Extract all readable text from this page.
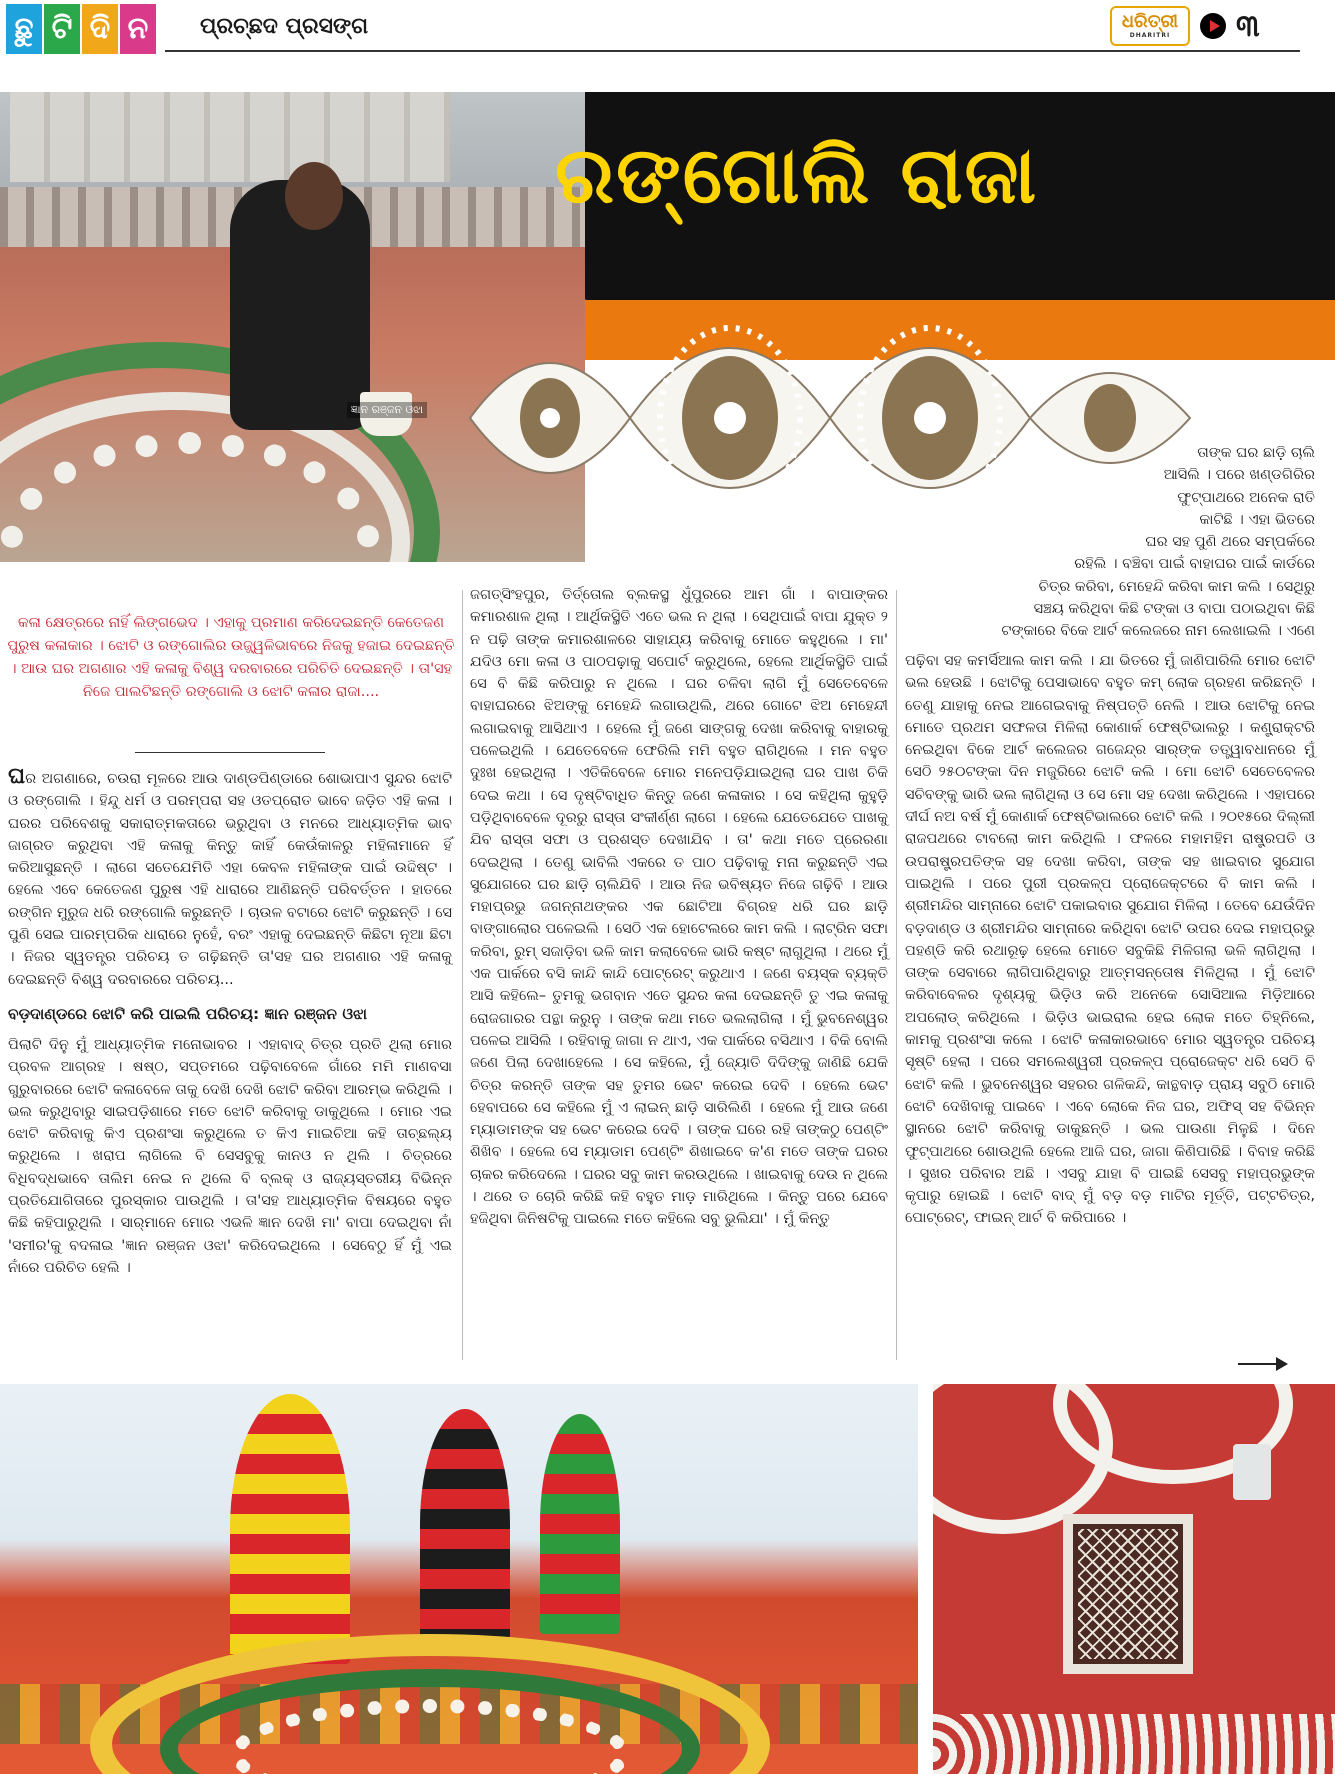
ଛୁ ଟି ଦି ନ	ପ୍ରଚ୍ଛଦ ପ୍ରସଙ୍ଗ	ଧରିତ୍ରୀ
DHARITRI ୩
ଜ୍ଞାନ ରଞ୍ଜନ ଓଝା
ରଙ୍ଗୋଲି ରାଜା
କଳା କ୍ଷେତ୍ରରେ ନାହିଁ ଲିଙ୍ଗଭେଦ । ଏହାକୁ ପ୍ରମାଣ କରିଦେଇଛନ୍ତି କେତେଜଣ ପୁରୁଷ କଳାକାର । ଝୋଟି ଓ ରଙ୍ଗୋଲିର ଉଜ୍ଜ୍ୱଳିଭାବରେ ନିଜକୁ ହଜାଇ ଦେଇଛନ୍ତି । ଆଉ ଘର ଅଗଣାର ଏହି କଳାକୁ ବିଶ୍ୱ ଦରବାରରେ ପରିଚିତି ଦେଇଛନ୍ତି । ତା'ସହ ନିଜେ ପାଲଟିଛନ୍ତି ରଙ୍ଗୋଲି ଓ ଝୋଟି କଳାର ରାଜା....
ଘର ଅଗଣାରେ, ଚଉରା ମୂଳରେ ଆଉ ଦାଣ୍ଡପିଣ୍ଡାରେ ଶୋଭାପାଏ ସୁନ୍ଦର ଝୋଟି ଓ ରଙ୍ଗୋଲି । ହିନ୍ଦୁ ଧର୍ମ ଓ ପରମ୍ପରା ସହ ଓତପ୍ରୋତ ଭାବେ ଜଡ଼ିତ ଏହି କଳା । ଘରର ପରିବେଶକୁ ସକାରାତ୍ମକତାରେ ଭରୁଥିବା ଓ ମନରେ ଆଧ୍ୟାତ୍ମିକ ଭାବ ଜାଗ୍ରତ କରୁଥିବା ଏହି କଳାକୁ କିନ୍ତୁ କାହିଁ କେଉଁକାଳରୁ ମହିଳାମାନେ ହିଁ କରିଆସୁଛନ୍ତି । ଲାଗେ ସତେଯେମିତି ଏହା କେବଳ ମହିଳାଙ୍କ ପାଇଁ ଉଦ୍ଦିଷ୍ଟ । ହେଲେ ଏବେ କେତେଜଣ ପୁରୁଷ ଏହି ଧାରାରେ ଆଣିଛନ୍ତି ପରିବର୍ତ୍ତନ । ହାତରେ ରଙ୍ଗିନ ମୁରୁଜ ଧରି ରଙ୍ଗୋଲି କରୁଛନ୍ତି । ଚାଉଳ ବଟାରେ ଝୋଟି କରୁଛନ୍ତି । ସେ ପୁଣି ସେଇ ପାରମ୍ପରିକ ଧାରାରେ ନୁହେଁ, ବରଂ ଏହାକୁ ଦେଇଛନ୍ତି କିଛିଟା ନୂଆ ଛିଟା । ନିଜର ସ୍ୱତନ୍ତ୍ର ପରିଚୟ ତ ଗଢ଼ିଛନ୍ତି ତା'ସହ ଘର ଅଗଣାର ଏହି କଳାକୁ ଦେଇଛନ୍ତି ବିଶ୍ୱ ଦରବାରରେ ପରିଚୟ...
ବଡ଼ଦାଣ୍ଡରେ ଝୋଟି କରି ପାଇଲି ପରିଚୟ: ଜ୍ଞାନ ରଞ୍ଜନ ଓଝା
ପିଲାଟି ଦିନୁ ମୁଁ ଆଧ୍ୟାତ୍ମିକ ମନୋଭାବର । ଏହାବାଦ୍ ଚିତ୍ର ପ୍ରତି ଥିଲା ମୋର ପ୍ରବଳ ଆଗ୍ରହ । ଷଷ୍ଠ, ସପ୍ତମରେ ପଢ଼ିବାବେଳେ ଗାଁରେ ମମି ମାଣବସା ଗୁରୁବାରରେ ଝୋଟି କଳାବେଳେ ତାକୁ ଦେଖି ଦେଖି ଝୋଟି କରିବା ଆରମ୍ଭ କରିଥିଲି । ଭଲ କରୁଥିବାରୁ ସାଇପଡ଼ିଶାରେ ମତେ ଝୋଟି କରିବାକୁ ଡାକୁଥିଲେ । ମୋର ଏଇ ଝୋଟି କରିବାକୁ କିଏ ପ୍ରଶଂସା କରୁଥିଲେ ତ କିଏ ମାଇଚିଆ କହି ତାଚ୍ଛଲ୍ୟ କରୁଥିଲେ । ଖରାପ ଲାଗିଲେ ବି ସେସବୁକୁ କାନଓ ନ ଥିଲି । ଚିତ୍ରରେ ବିଧିବଦ୍ଧଭାବେ ତାଲିମ ନେଇ ନ ଥିଲେ ବି ବ୍ଲକ୍ ଓ ରାଜ୍ୟସ୍ତରୀୟ ବିଭିନ୍ନ ପ୍ରତିଯୋଗିତାରେ ପୁରସ୍କାର ପାଉଥିଲି । ତା'ସହ ଆଧ୍ୟାତ୍ମିକ ବିଷୟରେ ବହୁତ କିଛି କହିପାରୁଥିଲି । ସାର୍‌ମାନେ ମୋର ଏଭଳି ଜ୍ଞାନ ଦେଖି ମା' ବାପା ଦେଇଥିବା ନାଁ 'ସମୀର'କୁ ବଦଳାଇ 'ଜ୍ଞାନ ରଞ୍ଜନ ଓଝା' କରିଦେଇଥିଲେ । ସେବେଠୁ ହିଁ ମୁଁ ଏଇ ନାଁରେ ପରିଚିତ ହେଲି ।
ଜଗତ୍‌ସିଂହପୁର, ତିର୍ତ୍ତୋଲ ବ୍ଲକସ୍ଥ ଧୁଁପୁରରେ ଆମ ଗାଁ । ବାପାଙ୍କର କମାରଶାଳ ଥିଲା । ଆର୍ଥିକସ୍ଥିତି ଏତେ ଭଲ ନ ଥିଲା । ସେଥିପାଇଁ ବାପା ଯୁକ୍ତ ୨ ନ ପଢ଼ି ତାଙ୍କ କମାରଶାଳରେ ସାହାଯ୍ୟ କରିବାକୁ ମୋତେ କହୁଥିଲେ । ମା' ଯଦିଓ ମୋ କଳା ଓ ପାଠପଢ଼ାକୁ ସପୋର୍ଟ କରୁଥିଲେ, ହେଲେ ଆର୍ଥିକସ୍ଥିତି ପାଇଁ ସେ ବି କିଛି କରିପାରୁ ନ ଥିଲେ । ଘର ଚଳିବା ଲାଗି ମୁଁ ସେତେବେଳେ ବାହାଘରରେ ଝିଅଙ୍କୁ ମେହେନ୍ଦି ଲଗାଉଥିଲି, ଥରେ ଗୋଟେ ଝିଅ ମେହେନ୍ଦୀ ଲଗାଇବାକୁ ଆସିଥାଏ । ହେଲେ ମୁଁ ଜଣେ ସାଙ୍ଗକୁ ଦେଖା କରିବାକୁ ବାହାରକୁ ପଳେଇଥିଲି । ଯେତେବେଳେ ଫେରିଲି ମମି ବହୁତ ରାଗିଥିଲେ । ମନ ବହୁତ ଦୁଃଖ ହେଇଥିଲା । ଏତିକିବେଳେ ମୋର ମନେପଡ଼ିଯାଇଥିଲା ଘର ପାଖ ଚିକି ଦେଇ କଥା । ସେ ଦୃଷ୍ଟିବାଧିତ କିନ୍ତୁ ଜଣେ କଳାକାର । ସେ କହିଥିଲା କୁହୁଡ଼ି ପଡ଼ିଥିବାବେଳେ ଦୂରରୁ ରାସ୍ତା ସଂକୀର୍ଣ୍ଣ ଲାଗେ । ହେଲେ ଯେତେଯେତେ ପାଖକୁ ଯିବ ରାସ୍ତା ସଫା ଓ ପ୍ରଶସ୍ତ ଦେଖାଯିବ । ତା' କଥା ମତେ ପ୍ରେରଣା ଦେଇଥିଲା । ତେଣୁ ଭାବିଲି ଏକରେ ତ ପାଠ ପଢ଼ିବାକୁ ମନା କରୁଛନ୍ତି ଏଇ ସୁଯୋଗରେ ଘର ଛାଡ଼ି ଚାଲିଯିବି । ଆଉ ନିଜ ଭବିଷ୍ୟତ ନିଜେ ଗଢ଼ିବି । ଆଉ ମହାପ୍ରଭୁ ଜଗନ୍ନାଥଙ୍କର ଏକ ଛୋଟିଆ ବିଗ୍ରହ ଧରି ଘର ଛାଡ଼ି ବାଙ୍ଗାଲୋର ପଳେଇଲି । ସେଠି ଏକ ହୋଟେଲରେ କାମ କଲି । ଲାଟ୍ରିନ ସଫା କରିବା, ରୁମ୍ ସଜାଡ଼ିବା ଭଳି କାମ କଲାବେଳେ ଭାରି କଷ୍ଟ ଲାଗୁଥିଲା । ଥରେ ମୁଁ ଏକ ପାର୍କରେ ବସି କାନ୍ଦି କାନ୍ଦି ପୋଟ୍ରେଟ୍ କରୁଥାଏ । ଜଣେ ବୟସ୍କ ବ୍ୟକ୍ତି ଆସି କହିଲେ– ତୁମକୁ ଭଗବାନ ଏତେ ସୁନ୍ଦର କଳା ଦେଇଛନ୍ତି ତୁ ଏଇ କଳାକୁ ରୋଜଗାରର ପନ୍ଥା କରୁନୁ । ତାଙ୍କ କଥା ମତେ ଭଲଲାଗିଲା । ମୁଁ ଭୁବନେଶ୍ୱର ପଳେଇ ଆସିଲି । ରହିବାକୁ ଜାଗା ନ ଥାଏ, ଏକ ପାର୍କରେ ବସିଥାଏ । ବିକି ବୋଲି ଜଣେ ପିଲା ଦେଖାହେଲେ । ସେ କହିଲେ, ମୁଁ ଜ୍ୟୋତି ଦିଦିଙ୍କୁ ଜାଣିଛି ଯେକି ଚିତ୍ର କରନ୍ତି ତାଙ୍କ ସହ ତୁମର ଭେଟ କରେଇ ଦେବି । ହେଲେ ଭେଟ ହେବାପରେ ସେ କହିଲେ ମୁଁ ଏ ଲାଇନ୍ ଛାଡ଼ି ସାରିଲିଣି । ହେଲେ ମୁଁ ଆଉ ଜଣେ ମ୍ୟାଡାମଙ୍କ ସହ ଭେଟ କରେଇ ଦେବି । ତାଙ୍କ ଘରେ ରହି ତାଙ୍କଠୁ ପେଣ୍ଟିଂ ଶିଖିବ । ହେଲେ ସେ ମ୍ୟାଡାମ ପେଣ୍ଟିଂ ଶିଖାଇବେ କ'ଣ ମତେ ତାଙ୍କ ଘରର ଚାକର କରିଦେଲେ । ଘରର ସବୁ କାମ କରଉଥିଲେ । ଖାଇବାକୁ ଦେଉ ନ ଥିଲେ । ଥରେ ତ ଚୋରି କରିଛି କହି ବହୁତ ମାଡ଼ ମାରିଥିଲେ । କିନ୍ତୁ ପରେ ଯେବେ ହଜିଥିବା ଜିନିଷଟିକୁ ପାଇଲେ ମତେ କହିଲେ ସବୁ ଭୁଲିଯା' । ମୁଁ କିନ୍ତୁ

ତାଙ୍କ ଘର ଛାଡ଼ି ଚାଲି

ଆସିଲି । ପରେ ଖଣ୍ଡଗିରିର

ଫୁଟ୍‌ପାଥରେ ଅନେକ ରାତି

କାଟିଛି । ଏହା ଭିତରେ

ଘର ସହ ପୁଣି ଥରେ ସମ୍ପର୍କରେ

ରହିଲି । ବଞ୍ଚିବା ପାଇଁ ବାହାଘର ପାଇଁ କାର୍ଡରେ

ଚିତ୍ର କରିବା, ମେହେନ୍ଦି କରିବା କାମ କଲି । ସେଥିରୁ

ସଞ୍ଚୟ କରିଥିବା କିଛି ଟଙ୍କା ଓ ବାପା ପଠାଇଥିବା କିଛି

ଟଙ୍କାରେ ବିକେ ଆର୍ଟ କଲେଜରେ ନାମ ଲେଖାଇଲି । ଏଣେ

ପଢ଼ିବା ସହ କମର୍ସିଆଲ କାମ କଲି । ଯା ଭିତରେ ମୁଁ ଜାଣିପାରିଲି ମୋର ଝୋଟି ଭଲ ହେଉଛି । ଝୋଟିକୁ ପେସାଭାବେ ବହୁତ କମ୍ ଲୋକ ଗ୍ରହଣ କରିଛନ୍ତି । ତେଣୁ ଯାହାକୁ ନେଇ ଆଗେଇବାକୁ ନିଷ୍ପତ୍ତି ନେଲି । ଆଉ ଝୋଟିକୁ ନେଇ ମୋତେ ପ୍ରଥମ ସଫଳତା ମିଳିଲା କୋଣାର୍କ ଫେଷ୍ଟିଭାଲରୁ । କଣ୍ଟ୍ରାକ୍ଟରି ନେଇଥିବା ବିକେ ଆର୍ଟ କଲେଜର ଗଜେନ୍ଦ୍ର ସାର୍‌ଙ୍କ ତତ୍ତ୍ୱାବଧାନରେ ମୁଁ ସେଠି ୨୫୦ଟଙ୍କା ଦିନ ମଜୁରିରେ ଝୋଟି କଲି । ମୋ ଝୋଟି ସେତେବେଳର ସଚିବଙ୍କୁ ଭାରି ଭଲ ଲାଗିଥିଲା ଓ ସେ ମୋ ସହ ଦେଖା କରିଥିଲେ । ଏହାପରେ ଦୀର୍ଘ ନଅ ବର୍ଷ ମୁଁ କୋଣାର୍କ ଫେଷ୍ଟିଭାଲରେ ଝୋଟି କଲି । ୨୦୧୫ରେ ଦିଲ୍ଲୀ ରାଜପଥରେ ଟାବଲୋ କାମ କରିଥିଲି । ଫଳରେ ମହାମହିମ ରାଷ୍ଟ୍ରପତି ଓ ଉପରାଷ୍ଟ୍ରପତିଙ୍କ ସହ ଦେଖା କରିବା, ତାଙ୍କ ସହ ଖାଇବାର ସୁଯୋଗ ପାଇଥିଲି । ପରେ ପୁରୀ ପ୍ରକଳ୍ପ ପ୍ରୋଜେକ୍ଟରେ ବି କାମ କଲି । ଶ୍ରୀମନ୍ଦିର ସାମ୍ନାରେ ଝୋଟି ପକାଇବାର ସୁଯୋଗ ମିଳିଲା । ତେବେ ଯେଉଁଦିନ ବଡ଼ଦାଣ୍ଡ ଓ ଶ୍ରୀମନ୍ଦିର ସାମ୍ନାରେ କରିଥିବା ଝୋଟି ଉପର ଦେଇ ମହାପ୍ରଭୁ ପହଣ୍ଡି କରି ରଥାରୂଢ଼ ହେଲେ ମୋତେ ସବୁକିଛି ମିଳିଗଲା ଭଳି ଲାଗିଥିଲା । ତାଙ୍କ ସେବାରେ ଲାଗିପାରିଥିବାରୁ ଆତ୍ମସନ୍ତୋଷ ମିଳିଥିଲା । ମୁଁ ଝୋଟି କରିବାବେଳର ଦୃଶ୍ୟକୁ ଭିଡ଼ିଓ କରି ଅନେକେ ସୋସିଆଲ ମିଡ଼ିଆରେ ଅପଲୋଡ୍ କରିଥିଲେ । ଭିଡ଼ିଓ ଭାଇରାଲ ହେଇ ଲୋକ ମତେ ଚିହ୍ନିଲେ, କାମକୁ ପ୍ରଶଂସା କଲେ । ଝୋଟି କଳାକାରଭାବେ ମୋର ସ୍ୱତନ୍ତ୍ର ପରିଚୟ ସୃଷ୍ଟି ହେଲା । ପରେ ସମଲେଶ୍ୱରୀ ପ୍ରକଳ୍ପ ପ୍ରୋଜେକ୍ଟ ଧରି ସେଠି ବି ଝୋଟି କଲି । ଭୁବନେଶ୍ୱର ସହରର ଗଳିକନ୍ଦି, କାନ୍ଥବାଡ଼ ପ୍ରାୟ ସବୁଠି ମୋରି ଝୋଟି ଦେଖିବାକୁ ପାଇବେ । ଏବେ ଲୋକେ ନିଜ ଘର, ଅଫିସ୍ ସହ ବିଭିନ୍ନ ସ୍ଥାନରେ ଝୋଟି କରିବାକୁ ଡାକୁଛନ୍ତି । ଭଲ ପାଉଣା ମିଳୁଛି । ଦିନେ ଫୁଟ୍‌ପାଥରେ ଶୋଉଥିଲି ହେଲେ ଆଜି ଘର, ଜାଗା କିଣିପାରିଛି । ବିବାହ କରିଛି । ସୁଖର ପରିବାର ଅଛି । ଏସବୁ ଯାହା ବି ପାଇଛି ସେସବୁ ମହାପ୍ରଭୁଙ୍କ କୃପାରୁ ହୋଇଛି । ଝୋଟି ବାଦ୍ ମୁଁ ବଡ଼ ବଡ଼ ମାଟିର ମୂର୍ତ୍ତି, ପଟ୍ଟଚିତ୍ର, ପୋଟ୍ରେଟ୍, ଫାଇନ୍ ଆର୍ଟ ବି କରିପାରେ ।
